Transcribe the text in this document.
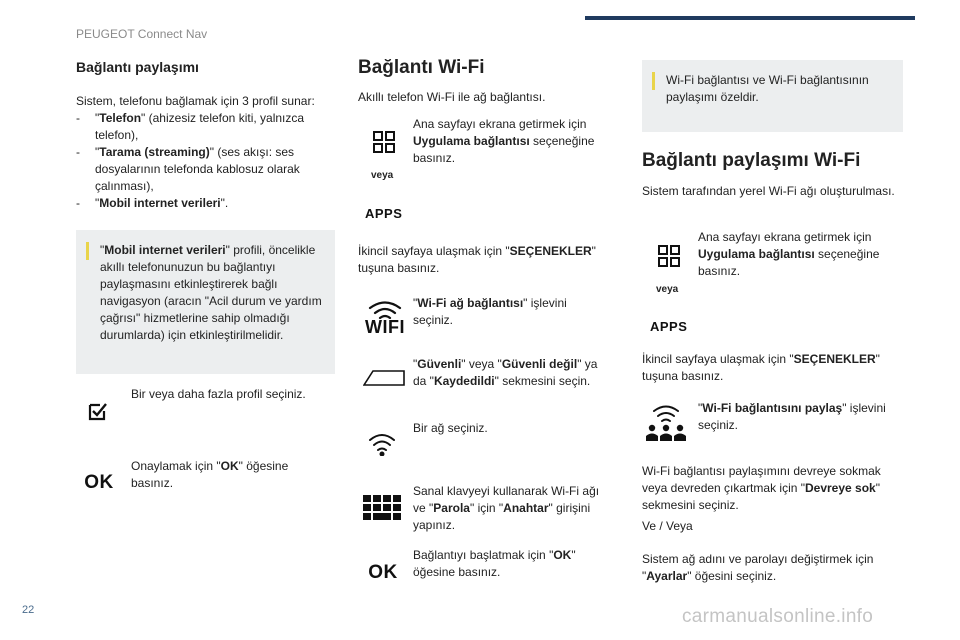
PEUGEOT Connect Nav
22	carmanualsonline.info
Bağlantı paylaşımı

Sistem, telefonu bağlamak için 3 profil sunar:

-	"Telefon" (ahizesiz telefon kiti, yalnızca telefon),
-	"Tarama (streaming)" (ses akışı: ses dosyalarının telefonda kablosuz olarak çalınması),
-	"Mobil internet verileri".
"Mobil internet verileri" profili, öncelikle akıllı telefonunuzun bu bağlantıyı paylaşmasını etkinleştirerek bağlı navigasyon (aracın "Acil durum ve yardım çağrısı" hizmetlerine sahip olmadığı durumlarda) için etkinleştirilmelidir.

Bir veya daha fazla profil seçiniz.

OK

Onaylamak için "OK" öğesine basınız.

Bağlantı Wi-Fi

Akıllı telefon Wi-Fi ile ağ bağlantısı.

veya
APPS

Ana sayfayı ekrana getirmek için Uygulama bağlantısı seçeneğine basınız.

İkincil sayfaya ulaşmak için "SEÇENEKLER" tuşuna basınız.

WIFI

"Wi-Fi ağ bağlantısı" işlevini seçiniz.

"Güvenli" veya "Güvenli değil" ya da "Kaydedildi" sekmesini seçin.

Bir ağ seçiniz.

Sanal klavyeyi kullanarak Wi-Fi ağı ve "Parola" için "Anahtar" girişini yapınız.

OK

Bağlantıyı başlatmak için "OK" öğesine basınız.

Wi-Fi bağlantısı ve Wi-Fi bağlantısının paylaşımı özeldir.
Bağlantı paylaşımı Wi-Fi

Sistem tarafından yerel Wi-Fi ağı oluşturulması.

veya
APPS

Ana sayfayı ekrana getirmek için Uygulama bağlantısı seçeneğine basınız.

İkincil sayfaya ulaşmak için "SEÇENEKLER" tuşuna basınız.

"Wi-Fi bağlantısını paylaş" işlevini seçiniz.

Wi-Fi bağlantısı paylaşımını devreye sokmak veya devreden çıkartmak için "Devreye sok" sekmesini seçiniz.

Ve / Veya

Sistem ağ adını ve parolayı değiştirmek için "Ayarlar" öğesini seçiniz.
